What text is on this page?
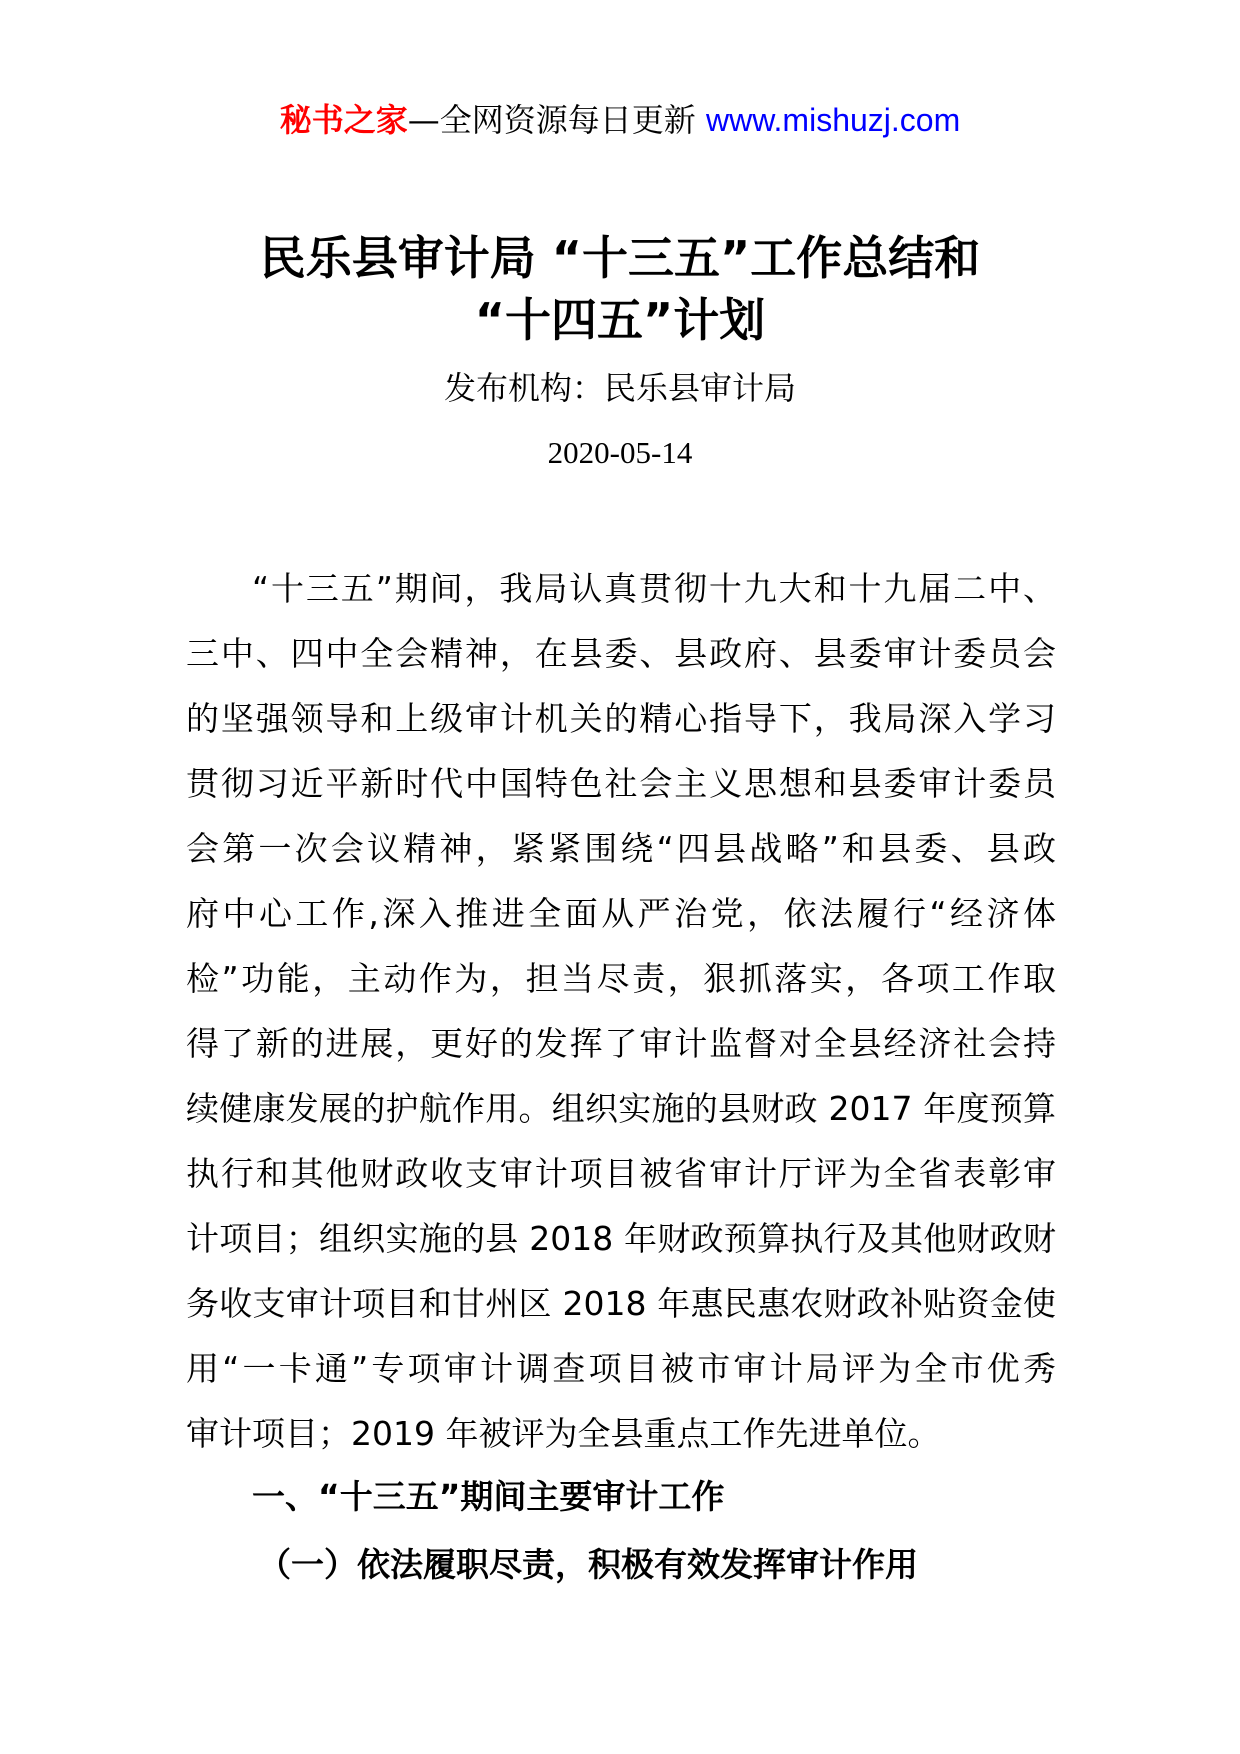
秘书之家—全网资源每日更新 www.mishuzj.com
民乐县审计局 “十三五”工作总结和
“十四五”计划
发布机构：民乐县审计局
2020-05-14
“十三五”期间，我局认真贯彻十九大和十九届二中、
三中、四中全会精神，在县委、县政府、县委审计委员会
的坚强领导和上级审计机关的精心指导下，我局深入学习
贯彻习近平新时代中国特色社会主义思想和县委审计委员
会第一次会议精神，紧紧围绕“四县战略”和县委、县政
府中心工作,深入推进全面从严治党，依法履行“经济体
检”功能，主动作为，担当尽责，狠抓落实，各项工作取
得了新的进展，更好的发挥了审计监督对全县经济社会持
续健康发展的护航作用。组织实施的县财政 2017 年度预算
执行和其他财政收支审计项目被省审计厅评为全省表彰审
计项目；组织实施的县 2018 年财政预算执行及其他财政财
务收支审计项目和甘州区 2018 年惠民惠农财政补贴资金使
用“一卡通”专项审计调查项目被市审计局评为全市优秀
审计项目；2019 年被评为全县重点工作先进单位。
一、“十三五”期间主要审计工作
（一）依法履职尽责，积极有效发挥审计作用
